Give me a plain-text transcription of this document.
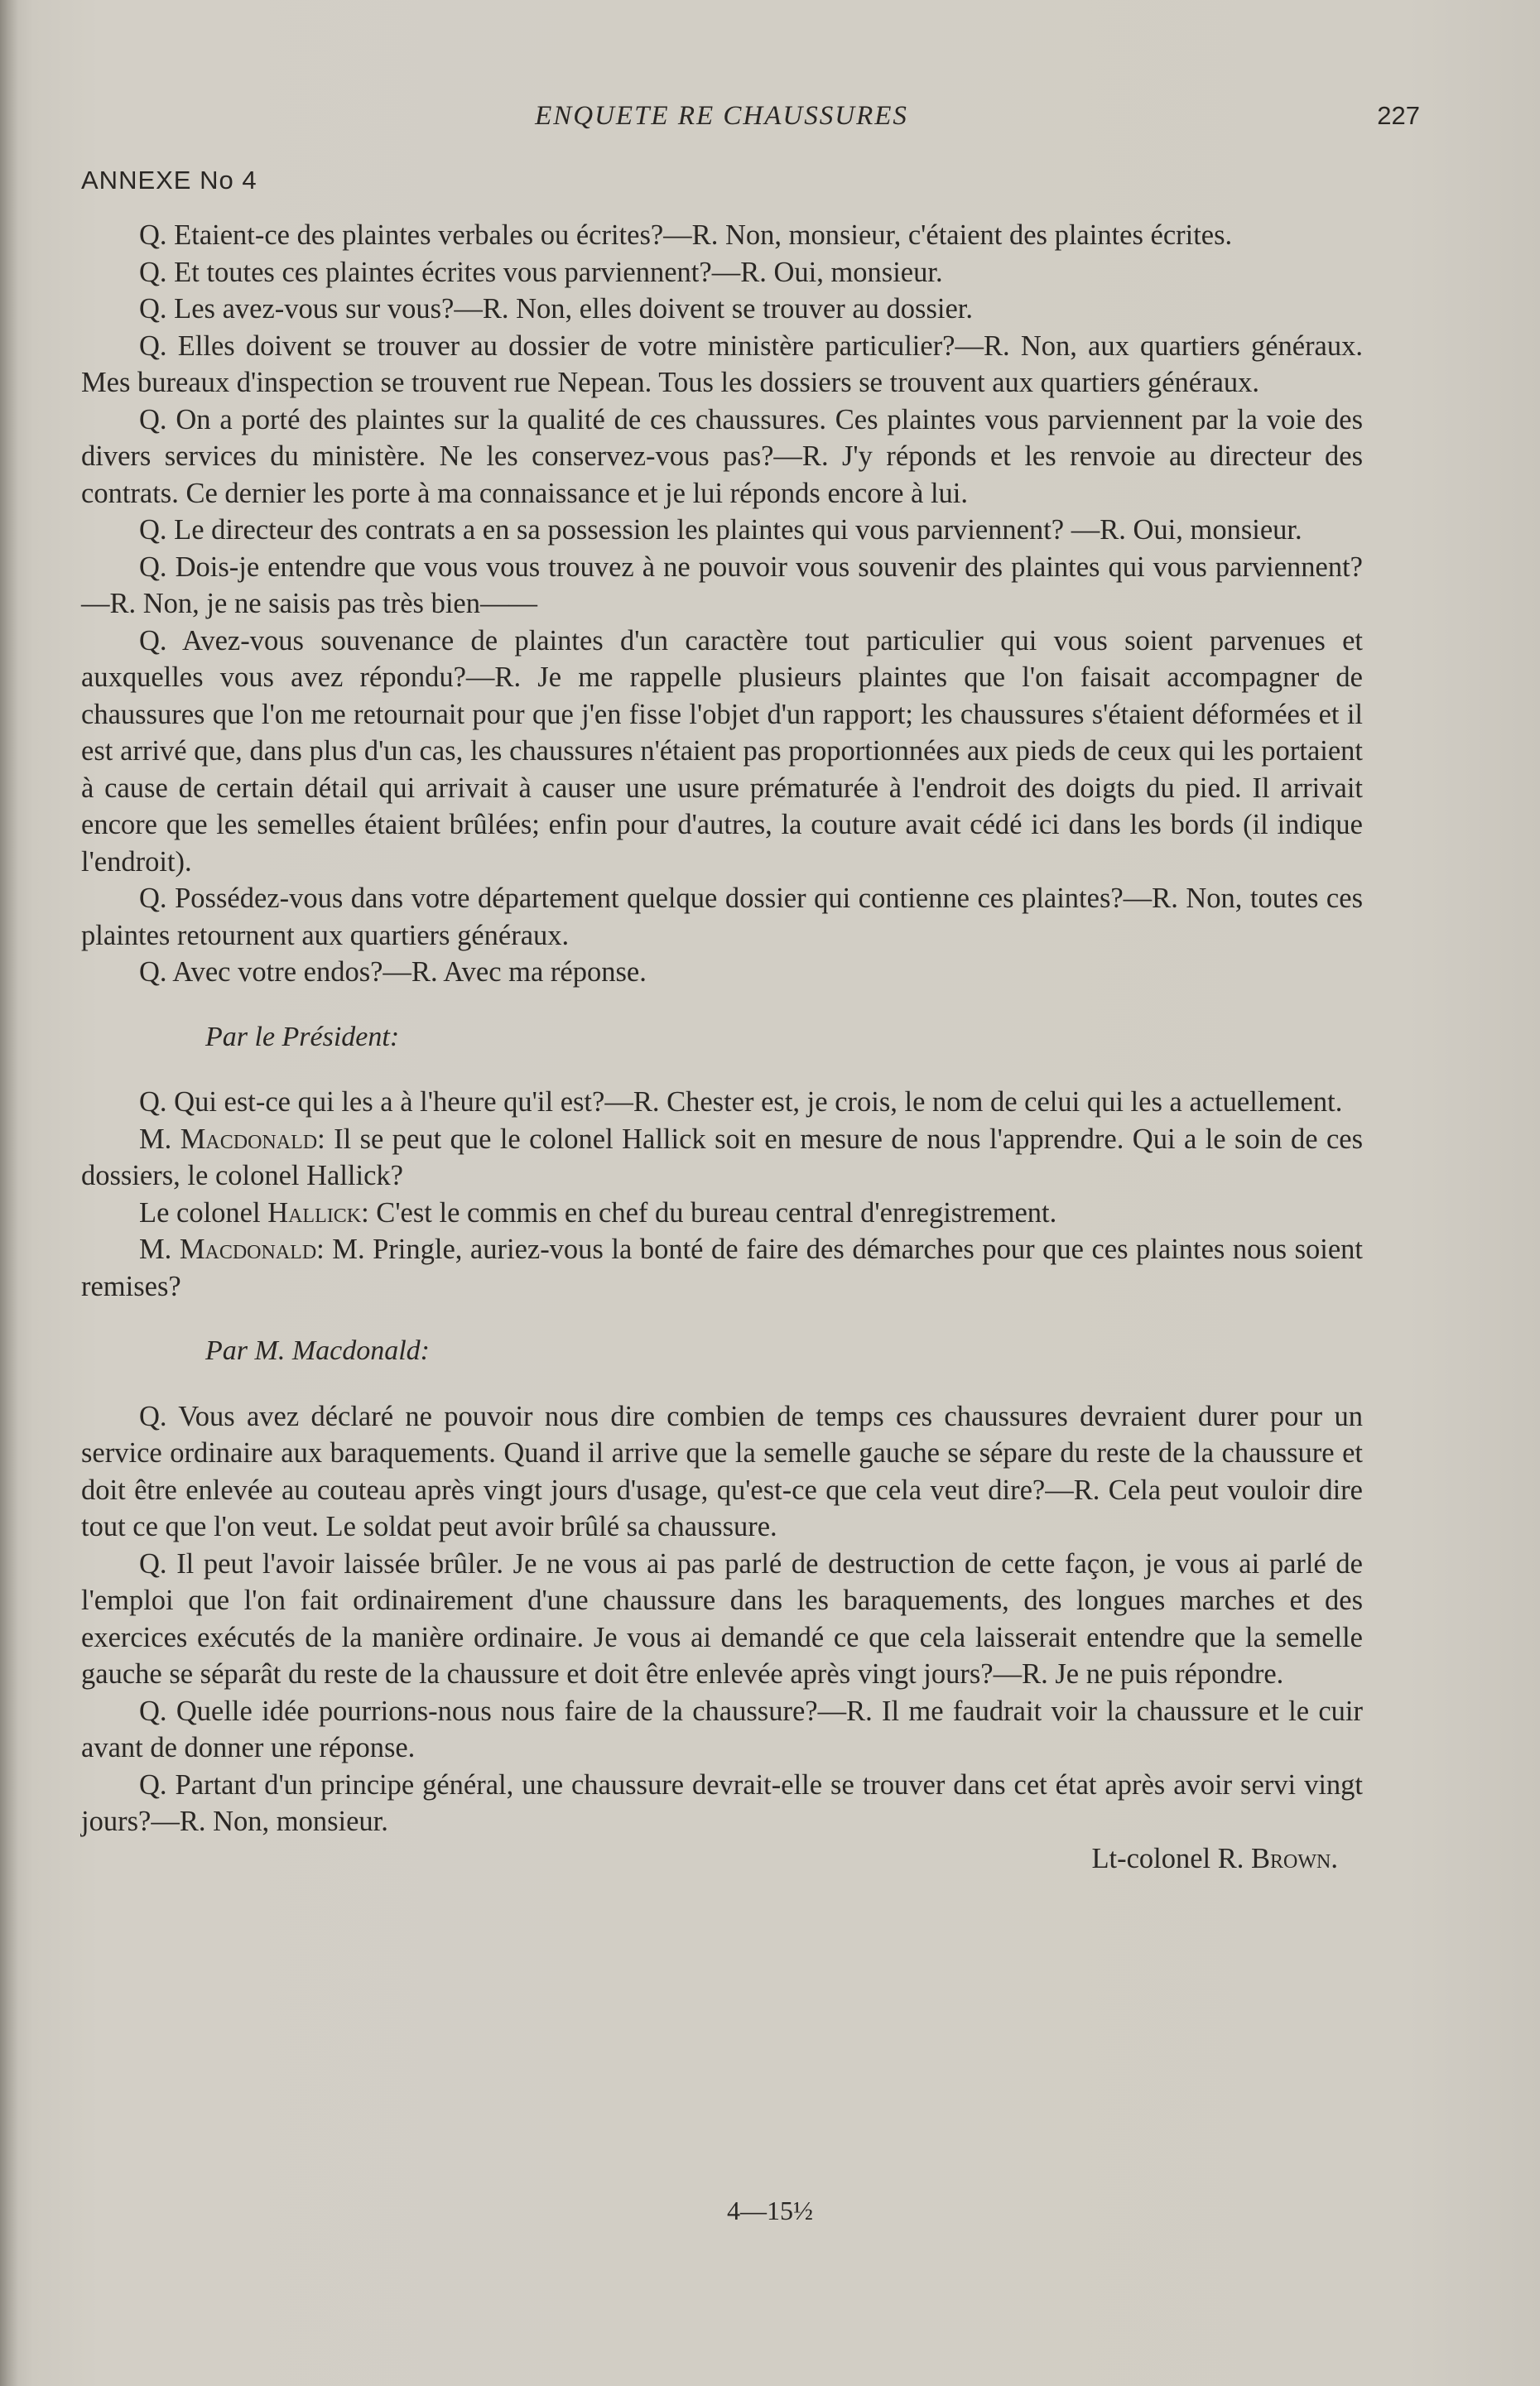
ENQUETE RE CHAUSSURES	227
ANNEXE No 4

Q. Etaient-ce des plaintes verbales ou écrites?—R. Non, monsieur, c'étaient des plaintes écrites.

Q. Et toutes ces plaintes écrites vous parviennent?—R. Oui, monsieur.

Q. Les avez-vous sur vous?—R. Non, elles doivent se trouver au dossier.

Q. Elles doivent se trouver au dossier de votre ministère particulier?—R. Non, aux quartiers généraux. Mes bureaux d'inspection se trouvent rue Nepean. Tous les dossiers se trouvent aux quartiers généraux.

Q. On a porté des plaintes sur la qualité de ces chaussures. Ces plaintes vous parviennent par la voie des divers services du ministère. Ne les conservez-vous pas?—R. J'y réponds et les renvoie au directeur des contrats. Ce dernier les porte à ma connaissance et je lui réponds encore à lui.

Q. Le directeur des contrats a en sa possession les plaintes qui vous parviennent? —R. Oui, monsieur.

Q. Dois-je entendre que vous vous trouvez à ne pouvoir vous souvenir des plaintes qui vous parviennent?—R. Non, je ne saisis pas très bien——

Q. Avez-vous souvenance de plaintes d'un caractère tout particulier qui vous soient parvenues et auxquelles vous avez répondu?—R. Je me rappelle plusieurs plaintes que l'on faisait accompagner de chaussures que l'on me retournait pour que j'en fisse l'objet d'un rapport; les chaussures s'étaient déformées et il est arrivé que, dans plus d'un cas, les chaussures n'étaient pas proportionnées aux pieds de ceux qui les portaient à cause de certain détail qui arrivait à causer une usure prématurée à l'endroit des doigts du pied. Il arrivait encore que les semelles étaient brûlées; enfin pour d'autres, la couture avait cédé ici dans les bords (il indique l'endroit).

Q. Possédez-vous dans votre département quelque dossier qui contienne ces plaintes?—R. Non, toutes ces plaintes retournent aux quartiers généraux.

Q. Avec votre endos?—R. Avec ma réponse.

Par le Président:

Q. Qui est-ce qui les a à l'heure qu'il est?—R. Chester est, je crois, le nom de celui qui les a actuellement.

M. Macdonald: Il se peut que le colonel Hallick soit en mesure de nous l'apprendre. Qui a le soin de ces dossiers, le colonel Hallick?

Le colonel Hallick: C'est le commis en chef du bureau central d'enregistrement.

M. Macdonald: M. Pringle, auriez-vous la bonté de faire des démarches pour que ces plaintes nous soient remises?

Par M. Macdonald:

Q. Vous avez déclaré ne pouvoir nous dire combien de temps ces chaussures devraient durer pour un service ordinaire aux baraquements. Quand il arrive que la semelle gauche se sépare du reste de la chaussure et doit être enlevée au couteau après vingt jours d'usage, qu'est-ce que cela veut dire?—R. Cela peut vouloir dire tout ce que l'on veut. Le soldat peut avoir brûlé sa chaussure.

Q. Il peut l'avoir laissée brûler. Je ne vous ai pas parlé de destruction de cette façon, je vous ai parlé de l'emploi que l'on fait ordinairement d'une chaussure dans les baraquements, des longues marches et des exercices exécutés de la manière ordinaire. Je vous ai demandé ce que cela laisserait entendre que la semelle gauche se séparât du reste de la chaussure et doit être enlevée après vingt jours?—R. Je ne puis répondre.

Q. Quelle idée pourrions-nous nous faire de la chaussure?—R. Il me faudrait voir la chaussure et le cuir avant de donner une réponse.

Q. Partant d'un principe général, une chaussure devrait-elle se trouver dans cet état après avoir servi vingt jours?—R. Non, monsieur.

Lt-colonel R. Brown.

4—15½
